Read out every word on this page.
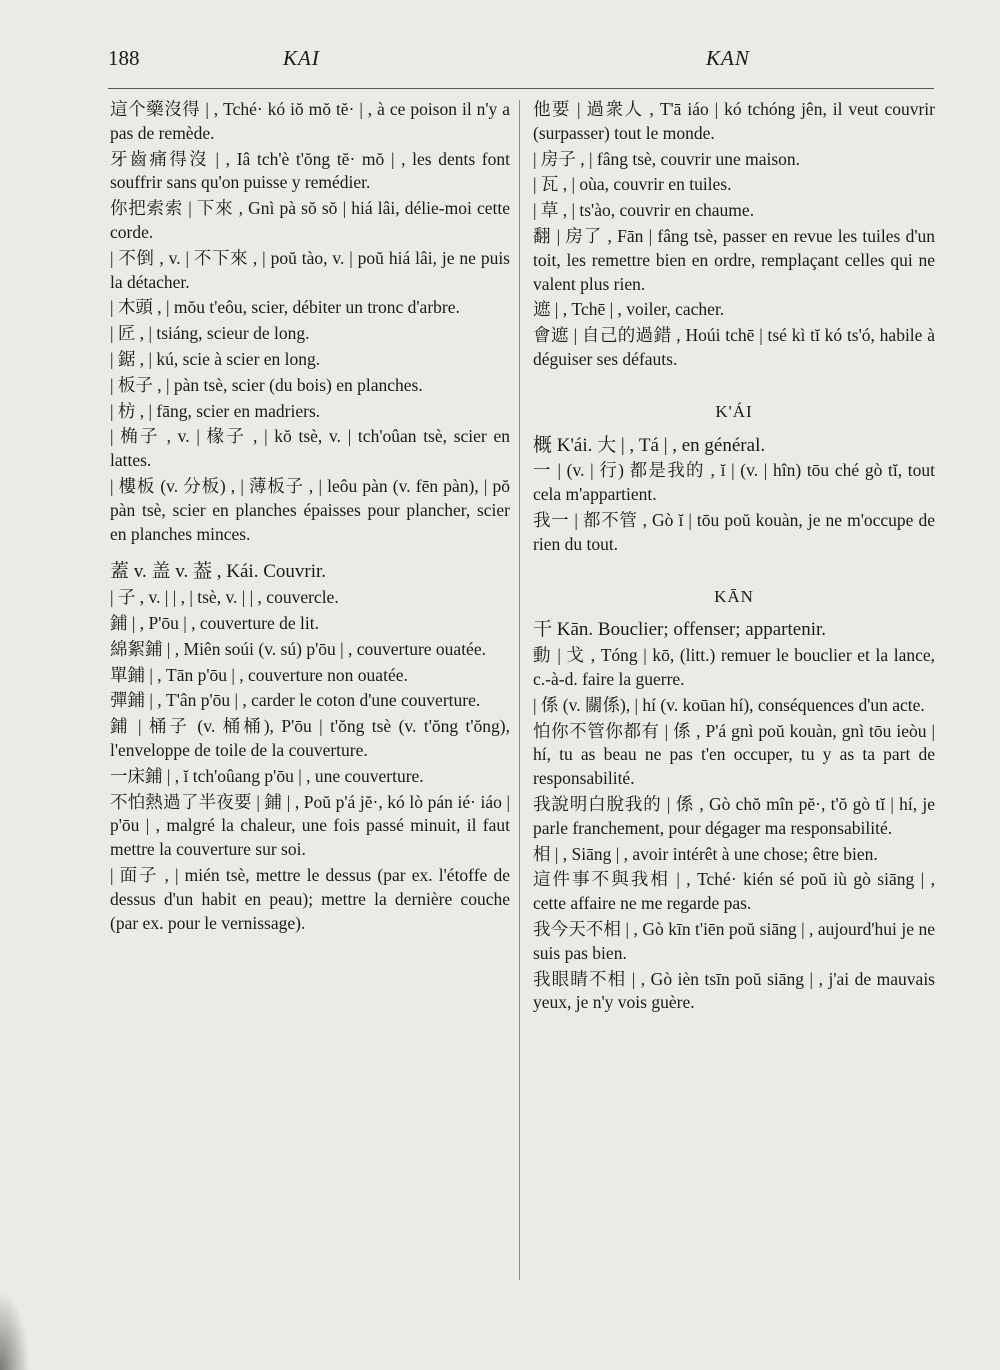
188	KAI	KAN

這个藥沒得 | , Tché· kó iŏ mŏ tĕ· | , à ce poison il n'y a pas de remède.

牙齒痛得沒 | , Iâ tch'è t'ŏng tĕ· mŏ | , les dents font souffrir sans qu'on puisse y remédier.

你把索索 | 下來 , Gnì pà sŏ sŏ | hiá lâi, délie-moi cette corde.

| 不倒 , v. | 不下來 , | poŭ tào, v. | poŭ hiá lâi, je ne puis la détacher.

| 木頭 , | mŏu t'eôu, scier, débiter un tronc d'arbre.

| 匠 , | tsiáng, scieur de long.

| 鋸 , | kú, scie à scier en long.

| 板子 , | pàn tsè, scier (du bois) en planches.

| 枋 , | fāng, scier en madriers.

| 桷子 , v. | 椽子 , | kŏ tsè, v. | tch'oûan tsè, scier en lattes.

| 樓板 (v. 分板) , | 薄板子 , | leôu pàn (v. fēn pàn), | pŏ pàn tsè, scier en planches épaisses pour plancher, scier en planches minces.

蓋 v. 盖 v. 葢 , Kái. Couvrir.

| 子 , v. | | , | tsè, v. | | , couvercle.

鋪 | , P'ōu | , couverture de lit.

綿絮鋪 | , Miên soúi (v. sú) p'ōu | , couverture ouatée.

單鋪 | , Tān p'ōu | , couverture non ouatée.

彈鋪 | , T'ân p'ōu | , carder le coton d'une couverture.

鋪 | 桶子 (v. 桶桶), P'ōu | t'ŏng tsè (v. t'ŏng t'ŏng), l'enveloppe de toile de la couverture.

一床鋪 | , ĭ tch'oûang p'ōu | , une couverture.

不怕熱過了半夜要 | 鋪 | , Poŭ p'á jĕ·, kó lò pán ié· iáo | p'ōu | , malgré la chaleur, une fois passé minuit, il faut mettre la couverture sur soi.

| 面子 , | mién tsè, mettre le dessus (par ex. l'étoffe de dessus d'un habit en peau); mettre la dernière couche (par ex. pour le vernissage).

他要 | 過衆人 , T'ā iáo | kó tchóng jên, il veut couvrir (surpasser) tout le monde.

| 房子 , | fâng tsè, couvrir une maison.

| 瓦 , | oùa, couvrir en tuiles.

| 草 , | ts'ào, couvrir en chaume.

翻 | 房了 , Fān | fâng tsè, passer en revue les tuiles d'un toit, les remettre bien en ordre, remplaçant celles qui ne valent plus rien.

遮 | , Tchē | , voiler, cacher.

會遮 | 自己的過錯 , Hoúi tchē | tsé kì tĭ kó ts'ó, habile à déguiser ses défauts.

K'ÁI

概 K'ái. 大 | , Tá | , en général.

一 | (v. | 行) 都是我的 , ĭ | (v. | hîn) tōu ché gò tĭ, tout cela m'appartient.

我一 | 都不管 , Gò ĭ | tōu poŭ kouàn, je ne m'occupe de rien du tout.

KĀN

干 Kān. Bouclier; offenser; appartenir.

動 | 戈 , Tóng | kō, (litt.) remuer le bouclier et la lance, c.-à-d. faire la guerre.

| 係 (v. 關係), | hí (v. koūan hí), conséquences d'un acte.

怕你不管你都有 | 係 , P'á gnì poŭ kouàn, gnì tōu ieòu | hí, tu as beau ne pas t'en occuper, tu y as ta part de responsabilité.

我說明白脫我的 | 係 , Gò chŏ mîn pĕ·, t'ŏ gò tĭ | hí, je parle franchement, pour dégager ma responsabilité.

相 | , Siāng | , avoir intérêt à une chose; être bien.

這件事不與我相 | , Tché· kién sé poŭ iù gò siāng | , cette affaire ne me regarde pas.

我今天不相 | , Gò kīn t'iēn poŭ siāng | , aujourd'hui je ne suis pas bien.

我眼睛不相 | , Gò ièn tsīn poŭ siāng | , j'ai de mauvais yeux, je n'y vois guère.
